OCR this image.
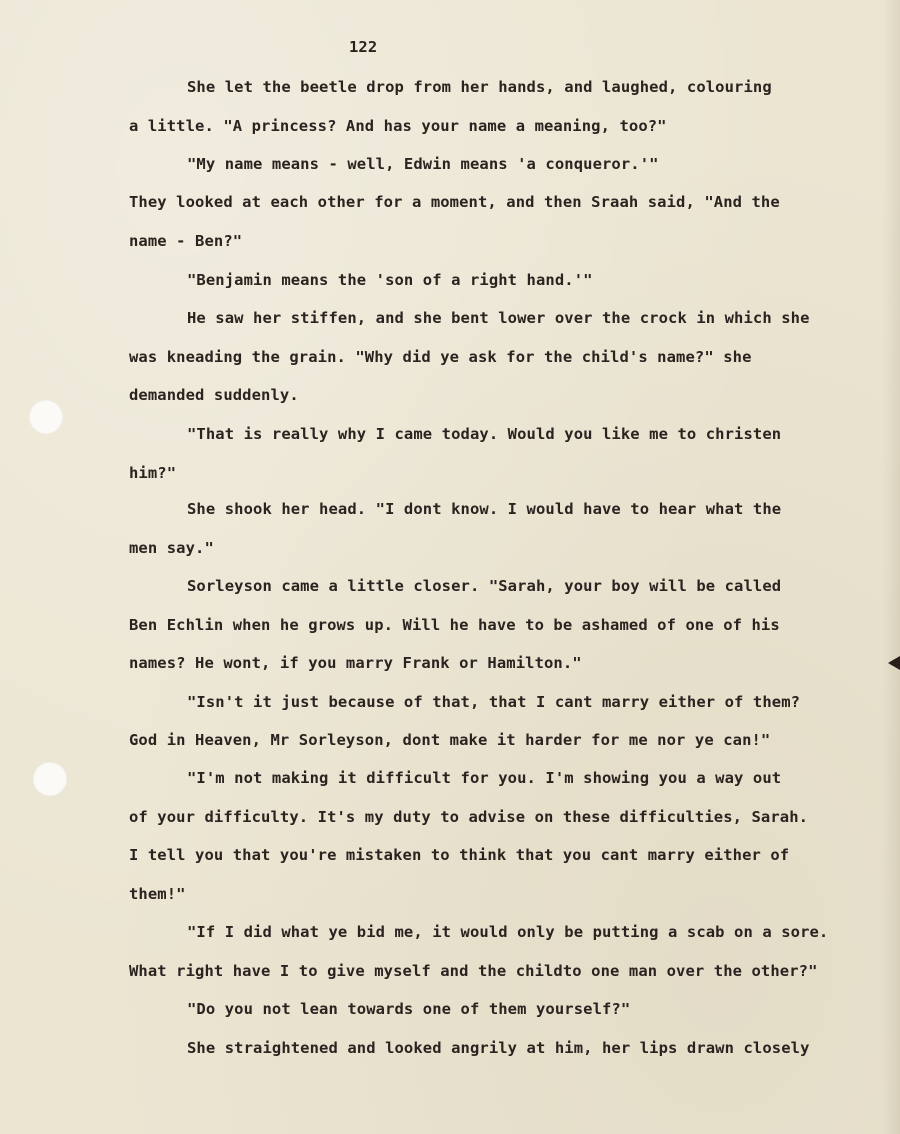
122
She let the beetle drop from her hands, and laughed, colouring
a little. "A princess? And has your name a meaning, too?"
"My name means - well, Edwin means 'a conqueror.'"
They looked at each other for a moment, and then Sraah said, "And the
name - Ben?"
"Benjamin means the 'son of a right hand.'"
He saw her stiffen, and she bent lower over the crock in which she
was kneading the grain. "Why did ye ask for the child's name?" she
demanded suddenly.
"That is really why I came today. Would you like me to christen
him?"
She shook her head. "I dont know. I would have to hear what the
men say."
Sorleyson came a little closer. "Sarah, your boy will be called
Ben Echlin when he grows up. Will he have to be ashamed of one of his
names? He wont, if you marry Frank or Hamilton."
"Isn't it just because of that, that I cant marry either of them?
God in Heaven, Mr Sorleyson, dont make it harder for me nor ye can!"
"I'm not making it difficult for you. I'm showing you a way out
of your difficulty. It's my duty to advise on these difficulties, Sarah.
I tell you that you're mistaken to think that you cant marry either of
them!"
"If I did what ye bid me, it would only be putting a scab on a sore.
What right have I to give myself and the childto one man over the other?"
"Do you not lean towards one of them yourself?"
She straightened and looked angrily at him, her lips drawn closely
